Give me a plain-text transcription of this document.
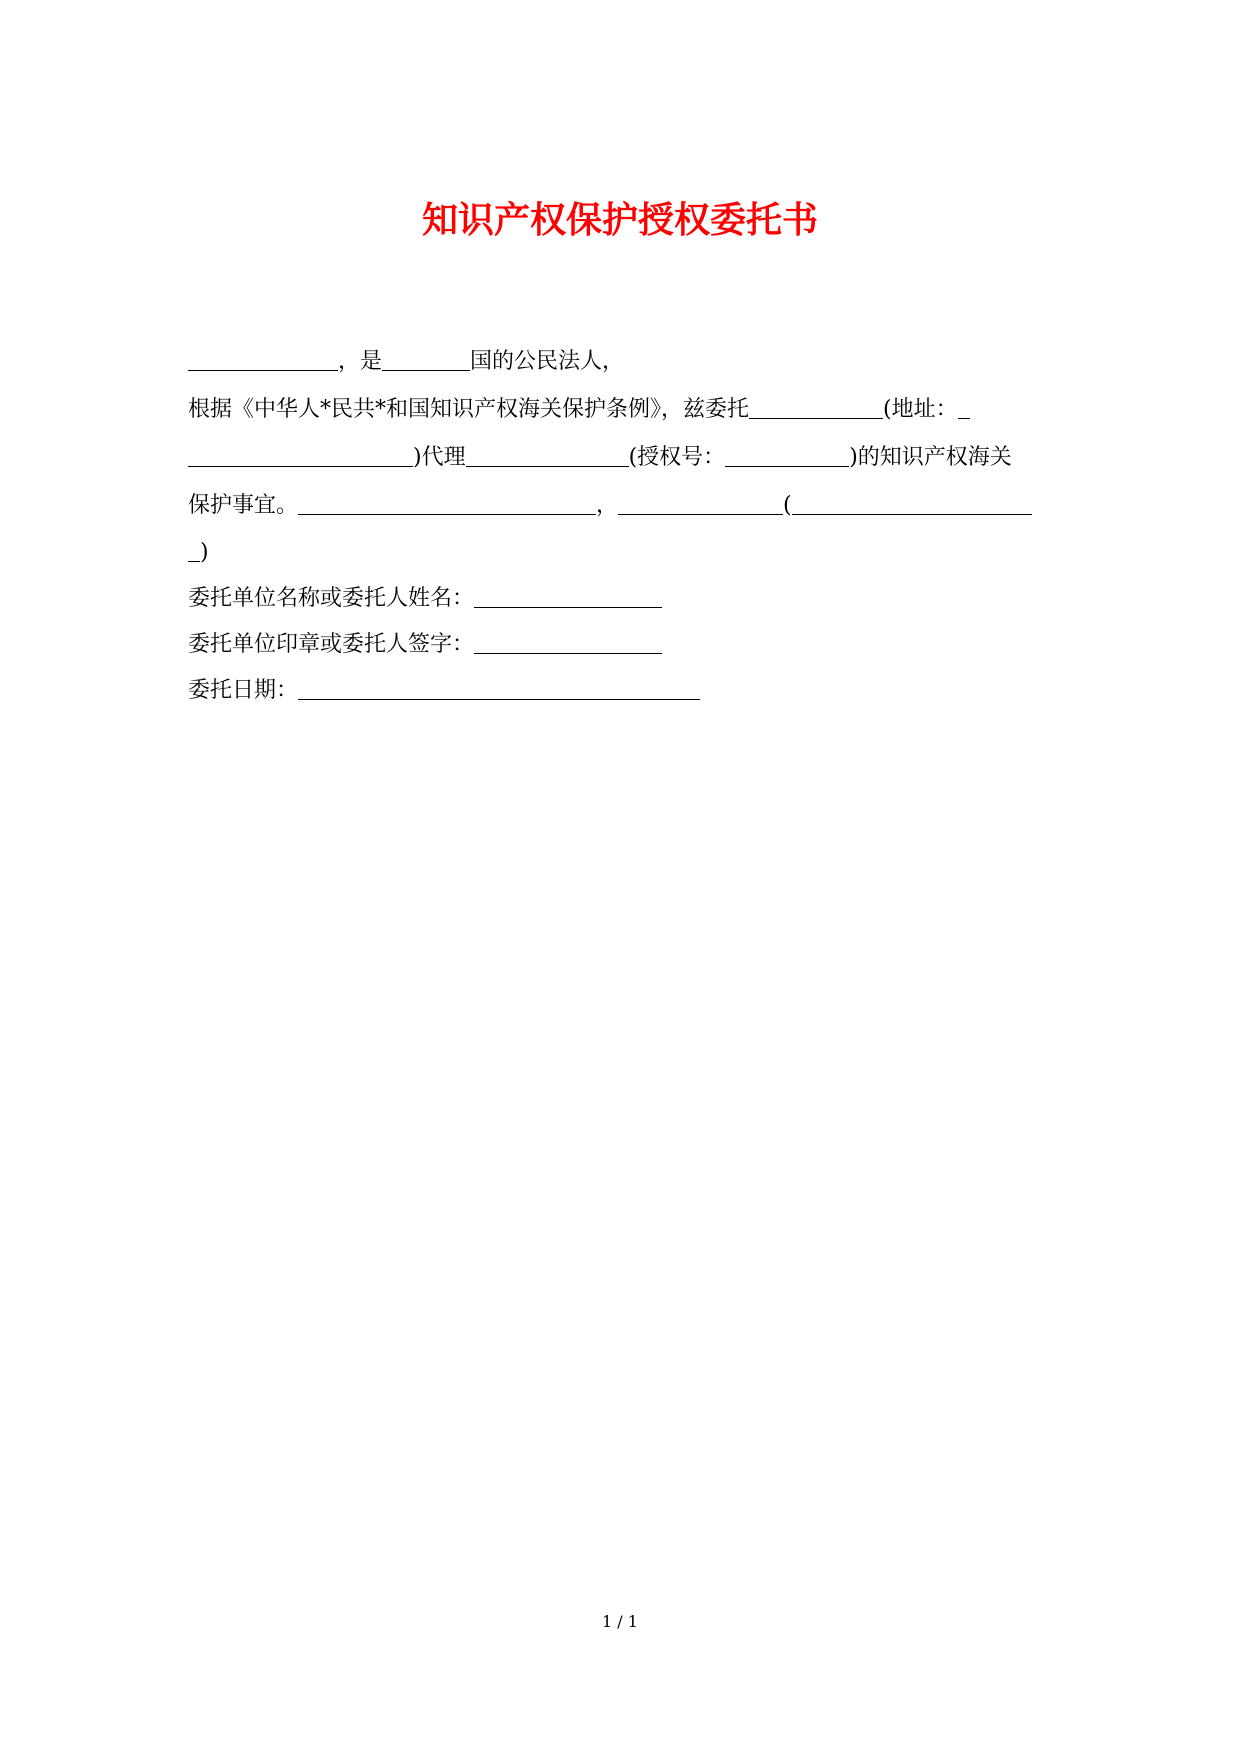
知识产权保护授权委托书
，是	国的公民法人，
根据《中华人*民共*和国知识产权海关保护条例》，兹委托	(地址：
)代理	(授权号：	)的知识产权海关
保护事宜。	，	(
)
委托单位名称或委托人姓名：
委托单位印章或委托人签字：
委托日期：
1 / 1
